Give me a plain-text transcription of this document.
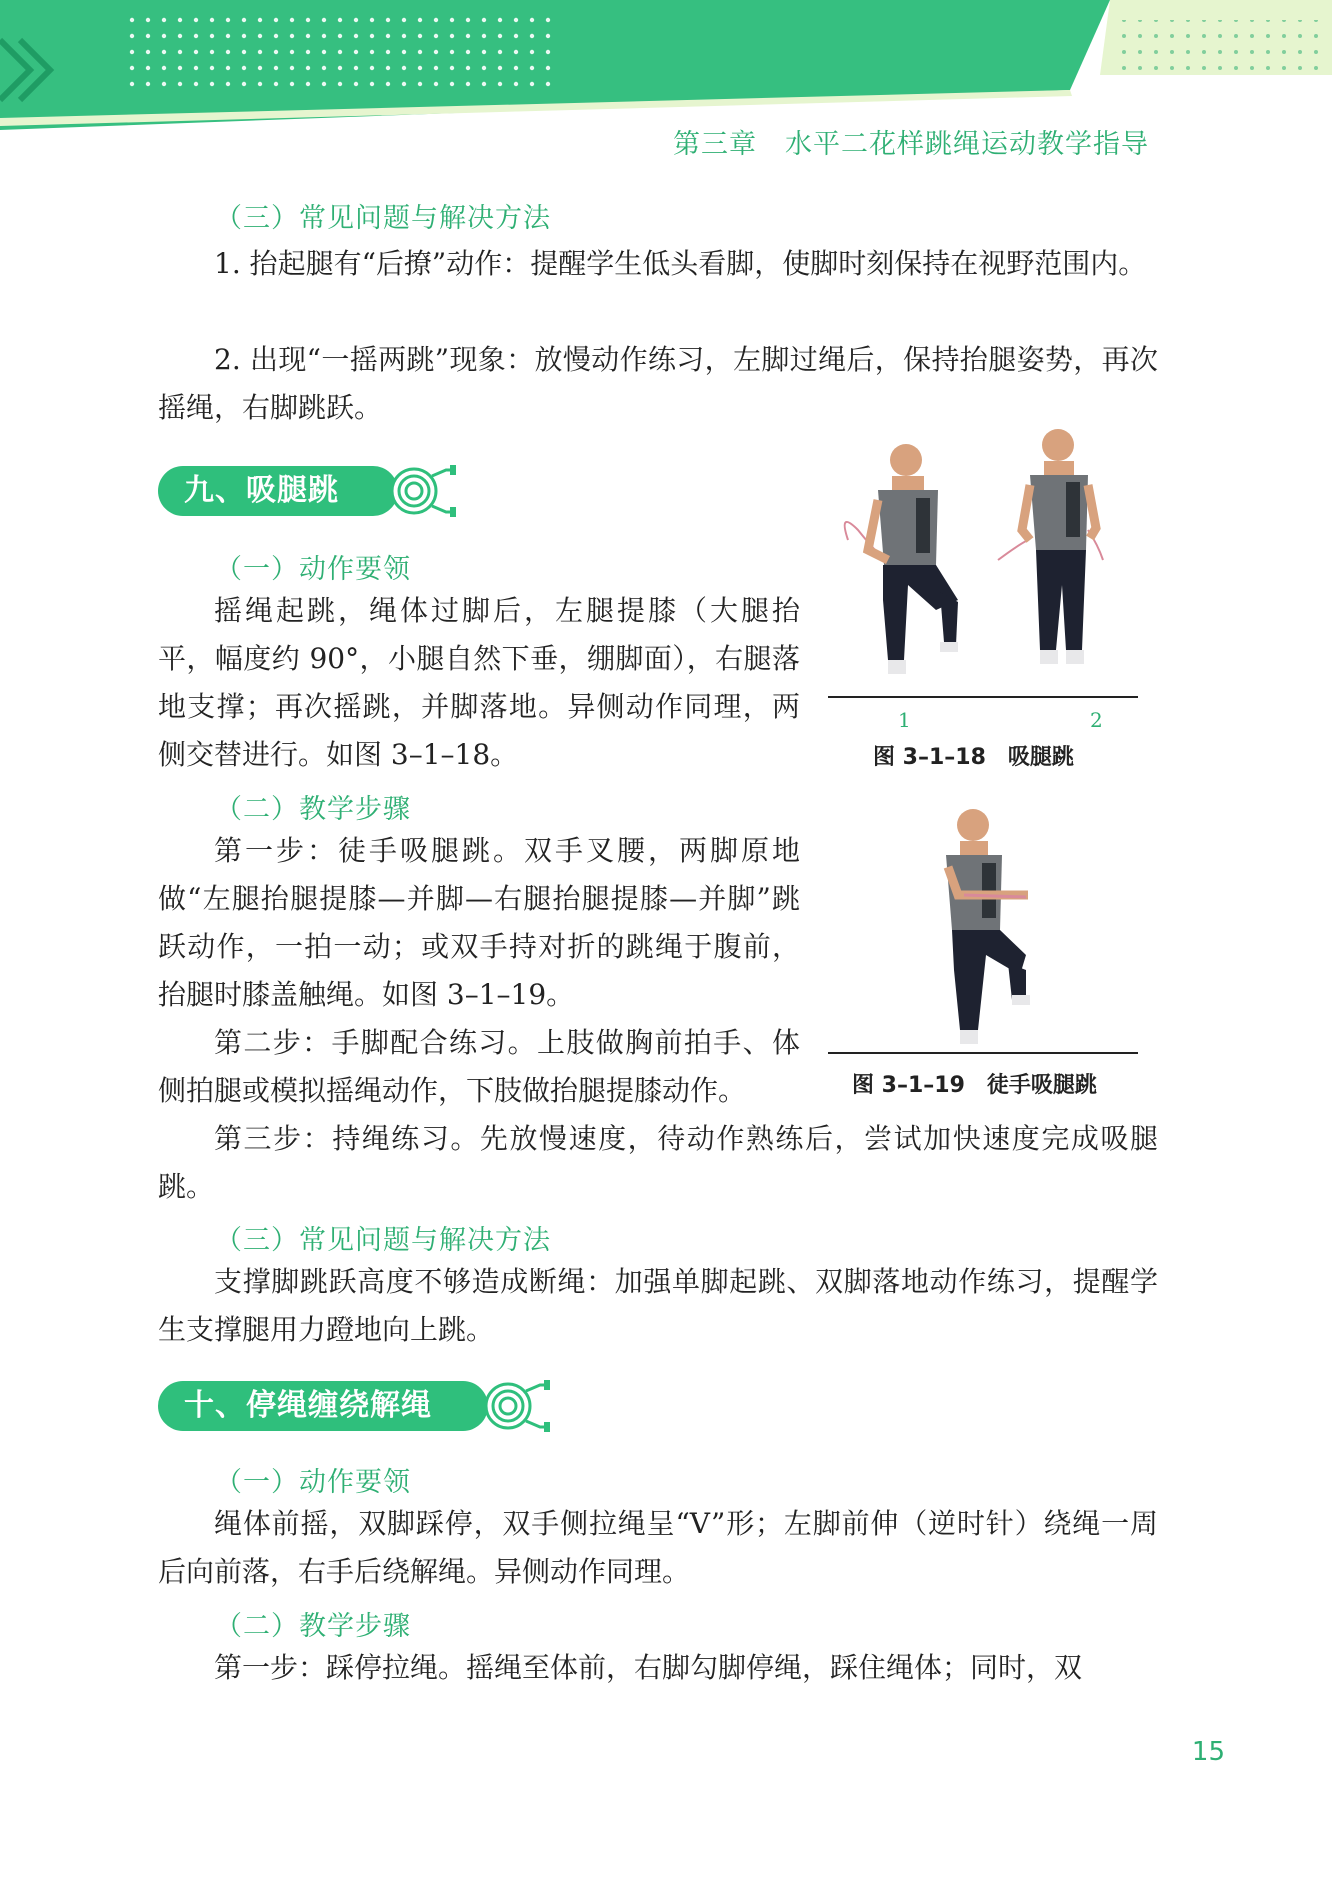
第三章　水平二花样跳绳运动教学指导
（三）常见问题与解决方法

1. 抬起腿有“后撩”动作：提醒学生低头看脚，使脚时刻保持在视野范围内。

2. 出现“一摇两跳”现象：放慢动作练习，左脚过绳后，保持抬腿姿势，再次摇绳，右脚跳跃。

九、吸腿跳
（一）动作要领

摇绳起跳，绳体过脚后，左腿提膝（大腿抬平，幅度约 90°，小腿自然下垂，绷脚面），右腿落地支撑；再次摇跳，并脚落地。异侧动作同理，两侧交替进行。如图 3–1–18。

（二）教学步骤

第一步：徒手吸腿跳。双手叉腰，两脚原地做“左腿抬腿提膝—并脚—右腿抬腿提膝—并脚”跳跃动作，一拍一动；或双手持对折的跳绳于腹前，抬腿时膝盖触绳。如图 3–1–19。

第二步：手脚配合练习。上肢做胸前拍手、体侧拍腿或模拟摇绳动作，下肢做抬腿提膝动作。

第三步：持绳练习。先放慢速度，待动作熟练后，尝试加快速度完成吸腿跳。

（三）常见问题与解决方法

支撑脚跳跃高度不够造成断绳：加强单脚起跳、双脚落地动作练习，提醒学生支撑腿用力蹬地向上跳。

1	2
图 3–1–18　吸腿跳
图 3–1–19　徒手吸腿跳
十、停绳缠绕解绳
（一）动作要领

绳体前摇，双脚踩停，双手侧拉绳呈“V”形；左脚前伸（逆时针）绕绳一周后向前落，右手后绕解绳。异侧动作同理。

（二）教学步骤

第一步：踩停拉绳。摇绳至体前，右脚勾脚停绳，踩住绳体；同时，双

15
